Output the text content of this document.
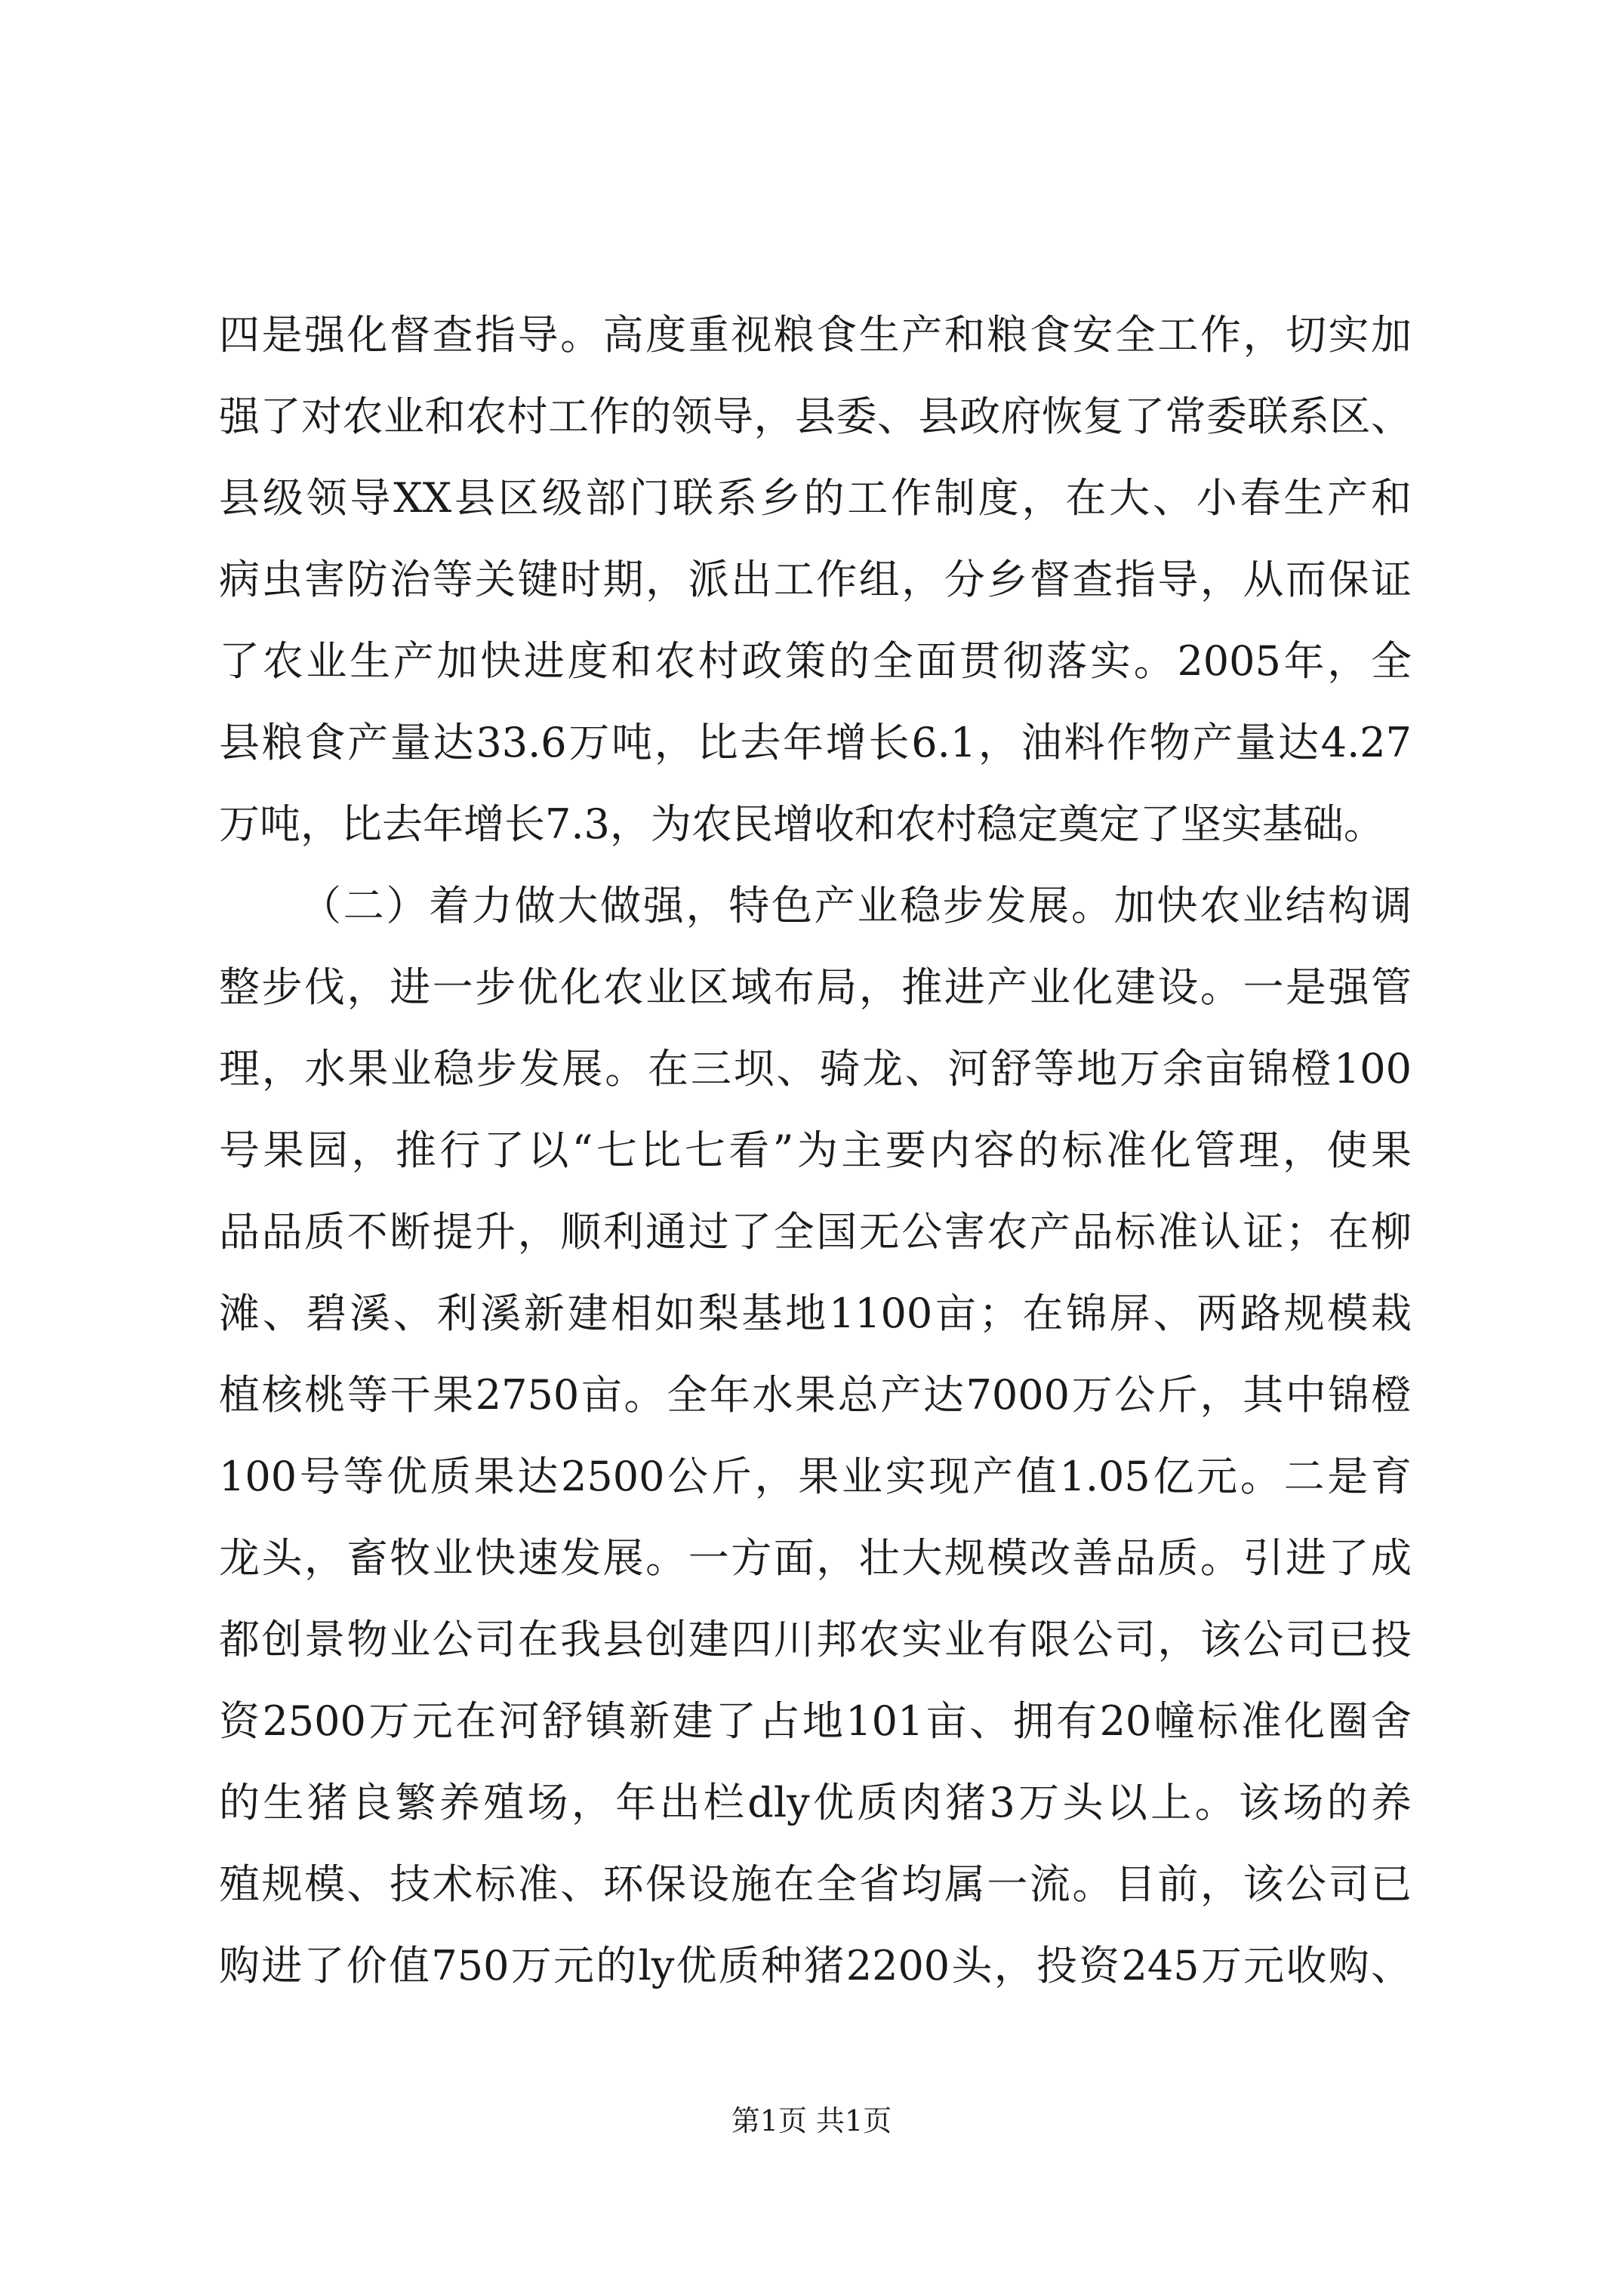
四是强化督查指导。高度重视粮食生产和粮食安全工作，切实加
强了对农业和农村工作的领导，县委、县政府恢复了常委联系区、
县级领导XX县区级部门联系乡的工作制度，在大、小春生产和
病虫害防治等关键时期，派出工作组，分乡督查指导，从而保证
了农业生产加快进度和农村政策的全面贯彻落实。2005年，全
县粮食产量达33.6万吨，比去年增长6.1，油料作物产量达4.27
万吨，比去年增长7.3，为农民增收和农村稳定奠定了坚实基础。
（二）着力做大做强，特色产业稳步发展。加快农业结构调
整步伐，进一步优化农业区域布局，推进产业化建设。一是强管
理，水果业稳步发展。在三坝、骑龙、河舒等地万余亩锦橙100
号果园，推行了以“七比七看”为主要内容的标准化管理，使果
品品质不断提升，顺利通过了全国无公害农产品标准认证；在柳
滩、碧溪、利溪新建相如梨基地1100亩；在锦屏、两路规模栽
植核桃等干果2750亩。全年水果总产达7000万公斤，其中锦橙
100号等优质果达2500公斤，果业实现产值1.05亿元。二是育
龙头，畜牧业快速发展。一方面，壮大规模改善品质。引进了成
都创景物业公司在我县创建四川邦农实业有限公司，该公司已投
资2500万元在河舒镇新建了占地101亩、拥有20幢标准化圈舍
的生猪良繁养殖场，年出栏dly优质肉猪3万头以上。该场的养
殖规模、技术标准、环保设施在全省均属一流。目前，该公司已
购进了价值750万元的ly优质种猪2200头，投资245万元收购、
第1页 共1页
